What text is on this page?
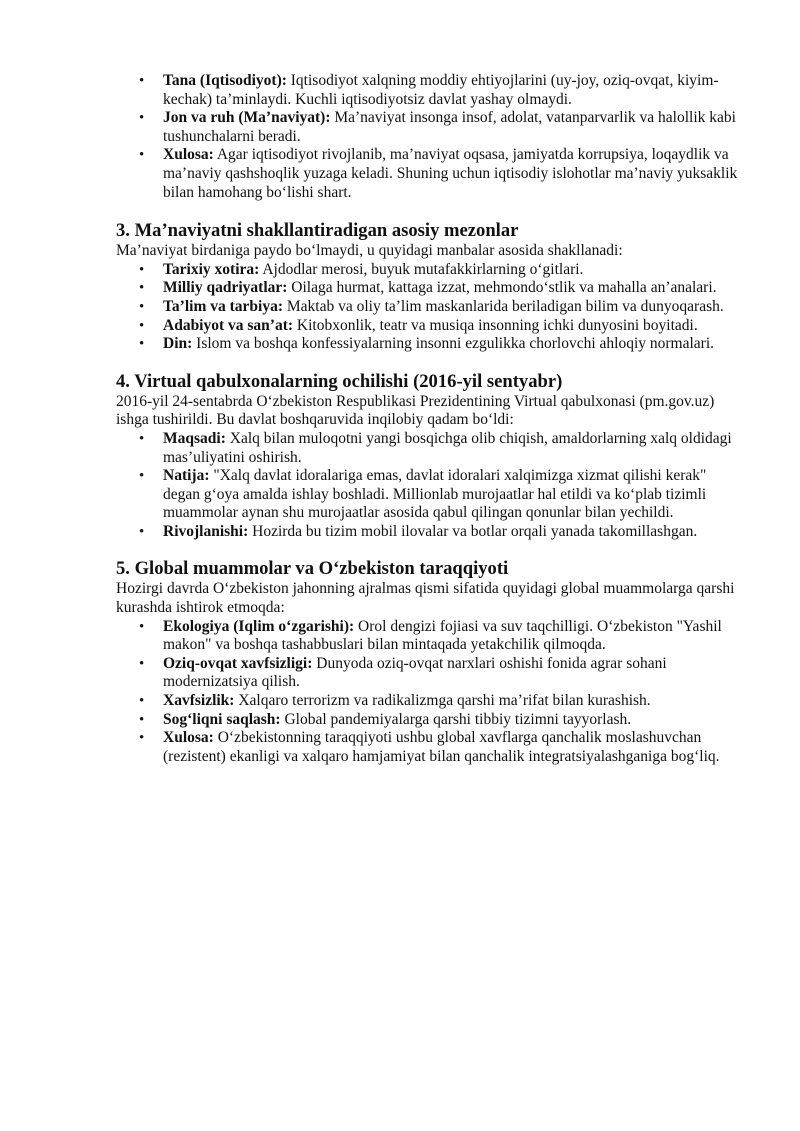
• Tana (Iqtisodiyot): Iqtisodiyot xalqning moddiy ehtiyojlarini (uy-joy, oziq-ovqat, kiyim-kechak) ta’minlaydi. Kuchli iqtisodiyotsiz davlat yashay olmaydi.
• Jon va ruh (Ma’naviyat): Ma’naviyat insonga insof, adolat, vatanparvarlik va halollik kabi tushunchalarni beradi.
• Xulosa: Agar iqtisodiyot rivojlanib, ma’naviyat oqsasa, jamiyatda korrupsiya, loqaydlik va ma’naviy qashshoqlik yuzaga keladi. Shuning uchun iqtisodiy islohotlar ma’naviy yuksaklik bilan hamohang bo‘lishi shart.
3. Ma’naviyatni shakllantiradigan asosiy mezonlar

Ma’naviyat birdaniga paydo bo‘lmaydi, u quyidagi manbalar asosida shakllanadi:

• Tarixiy xotira: Ajdodlar merosi, buyuk mutafakkirlarning o‘gitlari.
• Milliy qadriyatlar: Oilaga hurmat, kattaga izzat, mehmondo‘stlik va mahalla an’analari.
• Ta’lim va tarbiya: Maktab va oliy ta’lim maskanlarida beriladigan bilim va dunyoqarash.
• Adabiyot va san’at: Kitobxonlik, teatr va musiqa insonning ichki dunyosini boyitadi.
• Din: Islom va boshqa konfessiyalarning insonni ezgulikka chorlovchi ahloqiy normalari.
4. Virtual qabulxonalarning ochilishi (2016-yil sentyabr)

2016-yil 24-sentabrda O‘zbekiston Respublikasi Prezidentining Virtual qabulxonasi (pm.gov.uz) ishga tushirildi. Bu davlat boshqaruvida inqilobiy qadam bo‘ldi:

• Maqsadi: Xalq bilan muloqotni yangi bosqichga olib chiqish, amaldorlarning xalq oldidagi mas’uliyatini oshirish.
• Natija: "Xalq davlat idoralariga emas, davlat idoralari xalqimizga xizmat qilishi kerak" degan g‘oya amalda ishlay boshladi. Millionlab murojaatlar hal etildi va ko‘plab tizimli muammolar aynan shu murojaatlar asosida qabul qilingan qonunlar bilan yechildi.
• Rivojlanishi: Hozirda bu tizim mobil ilovalar va botlar orqali yanada takomillashgan.
5. Global muammolar va O‘zbekiston taraqqiyoti

Hozirgi davrda O‘zbekiston jahonning ajralmas qismi sifatida quyidagi global muammolarga qarshi kurashda ishtirok etmoqda:

• Ekologiya (Iqlim o‘zgarishi): Orol dengizi fojiasi va suv taqchilligi. O‘zbekiston "Yashil makon" va boshqa tashabbuslari bilan mintaqada yetakchilik qilmoqda.
• Oziq-ovqat xavfsizligi: Dunyoda oziq-ovqat narxlari oshishi fonida agrar sohani modernizatsiya qilish.
• Xavfsizlik: Xalqaro terrorizm va radikalizmga qarshi ma’rifat bilan kurashish.
• Sog‘liqni saqlash: Global pandemiyalarga qarshi tibbiy tizimni tayyorlash.
• Xulosa: O‘zbekistonning taraqqiyoti ushbu global xavflarga qanchalik moslashuvchan (rezistent) ekanligi va xalqaro hamjamiyat bilan qanchalik integratsiyalashganiga bog‘liq.
